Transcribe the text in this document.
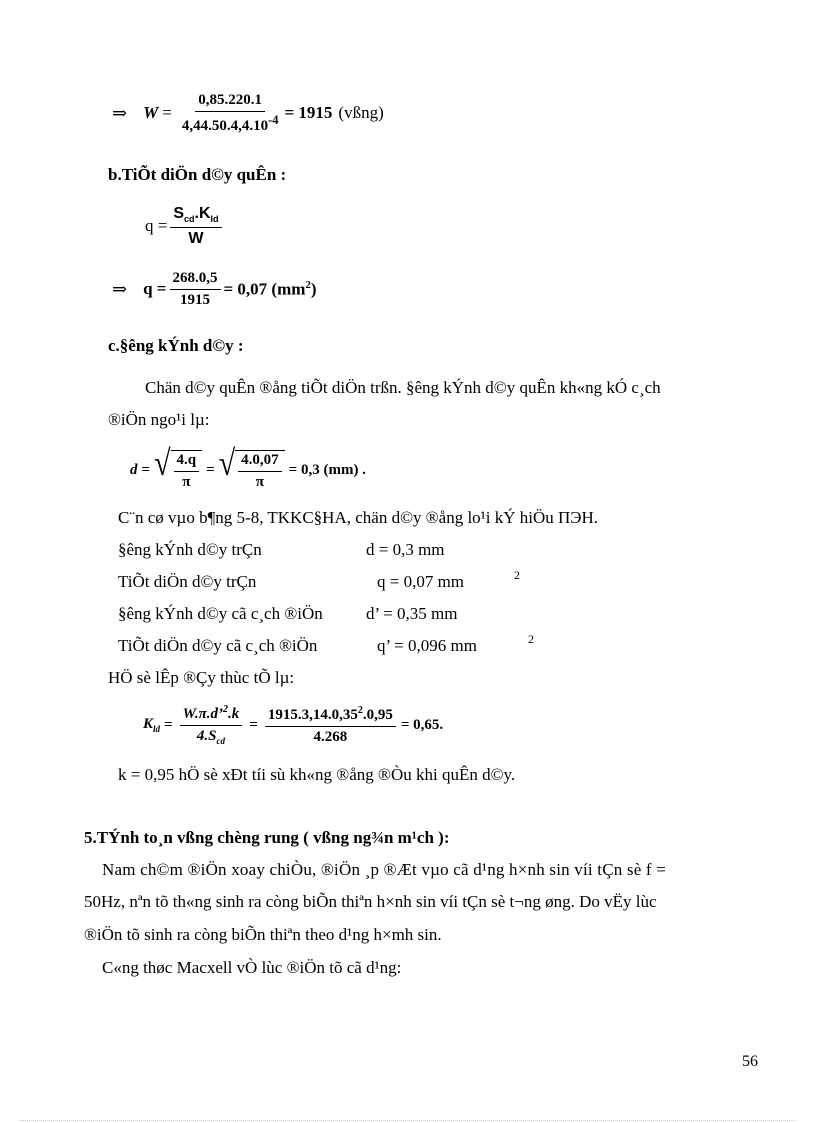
⇒ $W = \frac{0,85.220.1}{4,44.50.4,4.10^{-4}} = 1915$ (vßng)
b.TiÕt diÖn d©y quÊn :
$q = \frac{S_{cd}.K_{ld}}{W}$
⇒ $q = \frac{268.0,5}{1915} = 0,07$ $(mm^2)$
c.§êng kÝnh d©y :
Chän d©y quÊn ®ång tiÕt diÖn trßn. §êng kÝnh d©y quÊn kh«ng kÓ c¸ch
®iÖn ngo¹i lµ:
d = √ $\frac{4.q}{\pi}$ = √ $\frac{4.0,07}{\pi} = 0,3$ (mm) .
C¨n cø vµo b¶ng 5-8, TKKC§HA, chän d©y ®ång lo¹i kÝ hiÖu ΠЭH.
§êng kÝnh d©y trÇn	d = 0,3 mm
TiÕt diÖn d©y trÇn	q = 0,07 mm	2
§êng kÝnh d©y cã c¸ch ®iÖn	d’ = 0,35 mm
TiÕt diÖn d©y cã c¸ch ®iÖn	q’ = 0,096 mm	2
HÖ sè lÊp ®Çy thùc tÕ lµ:
$K_{ld} = \frac{W.\pi.d’^2.k}{4.S_{cd}} = \frac{1915.3,14.0,35^2.0,95}{4.268} = 0,65$.
k = 0,95 hÖ sè xÐt tíi sù kh«ng ®ång ®Òu khi quÊn d©y.
5.TÝnh to¸n vßng chèng rung ( vßng ng¾n m¹ch ):
Nam ch©m ®iÖn xoay chiÒu, ®iÖn ¸p ®Æt vµo cã d¹ng h×nh sin víi tÇn sè f =
50Hz, nªn tõ th«ng sinh ra còng biÕn thiªn h×nh sin víi tÇn sè t¬ng øng. Do vËy lùc
®iÖn tõ sinh ra còng biÕn thiªn theo d¹ng h×mh sin.
C«ng thøc Macxell vÒ lùc ®iÖn tõ cã d¹ng:
56
